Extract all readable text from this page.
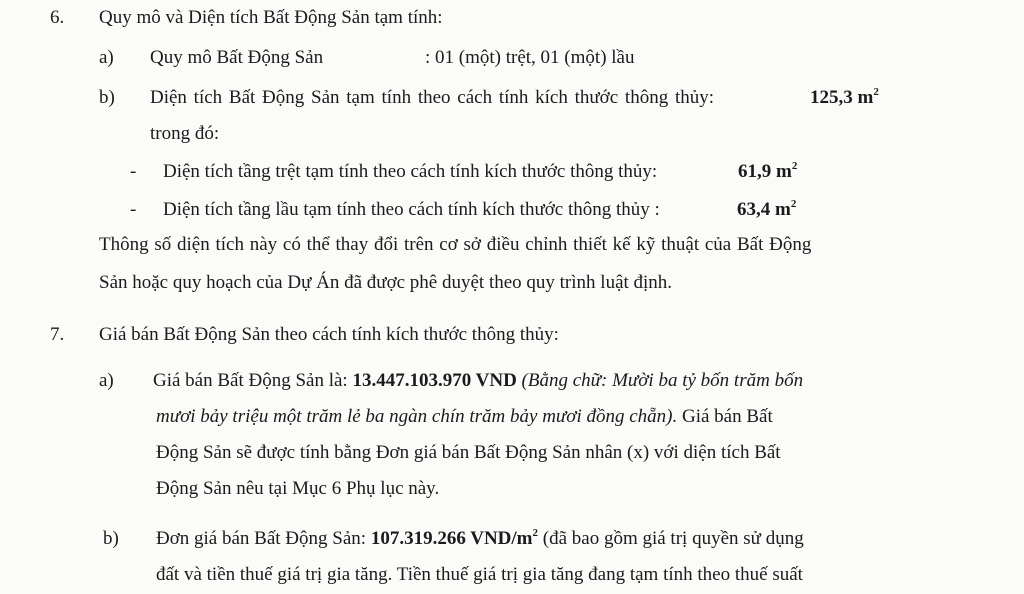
6. Quy mô và Diện tích Bất Động Sản tạm tính:
a) Quy mô Bất Động Sản	: 01 (một) trệt, 01 (một) lầu
b) Diện tích Bất Động Sản tạm tính theo cách tính kích thước thông thủy:	125,3 $m^2$
trong đó:
- Diện tích tầng trệt tạm tính theo cách tính kích thước thông thủy:	61,9 $m^2$
- Diện tích tầng lầu tạm tính theo cách tính kích thước thông thủy :	63,4 $m^2$
Thông số diện tích này có thể thay đổi trên cơ sở điều chỉnh thiết kế kỹ thuật của Bất Động
Sản hoặc quy hoạch của Dự Án đã được phê duyệt theo quy trình luật định.
7. Giá bán Bất Động Sản theo cách tính kích thước thông thủy:
a) Giá bán Bất Động Sản là: 13.447.103.970 VND (Bằng chữ: Mười ba tỷ bốn trăm bốn
mươi bảy triệu một trăm lẻ ba ngàn chín trăm bảy mươi đồng chẵn). Giá bán Bất
Động Sản sẽ được tính bằng Đơn giá bán Bất Động Sản nhân (x) với diện tích Bất
Động Sản nêu tại Mục 6 Phụ lục này.
b) Đơn giá bán Bất Động Sản: 107.319.266 VND/$m^2$ (đã bao gồm giá trị quyền sử dụng
đất và tiền thuế giá trị gia tăng. Tiền thuế giá trị gia tăng đang tạm tính theo thuế suất
